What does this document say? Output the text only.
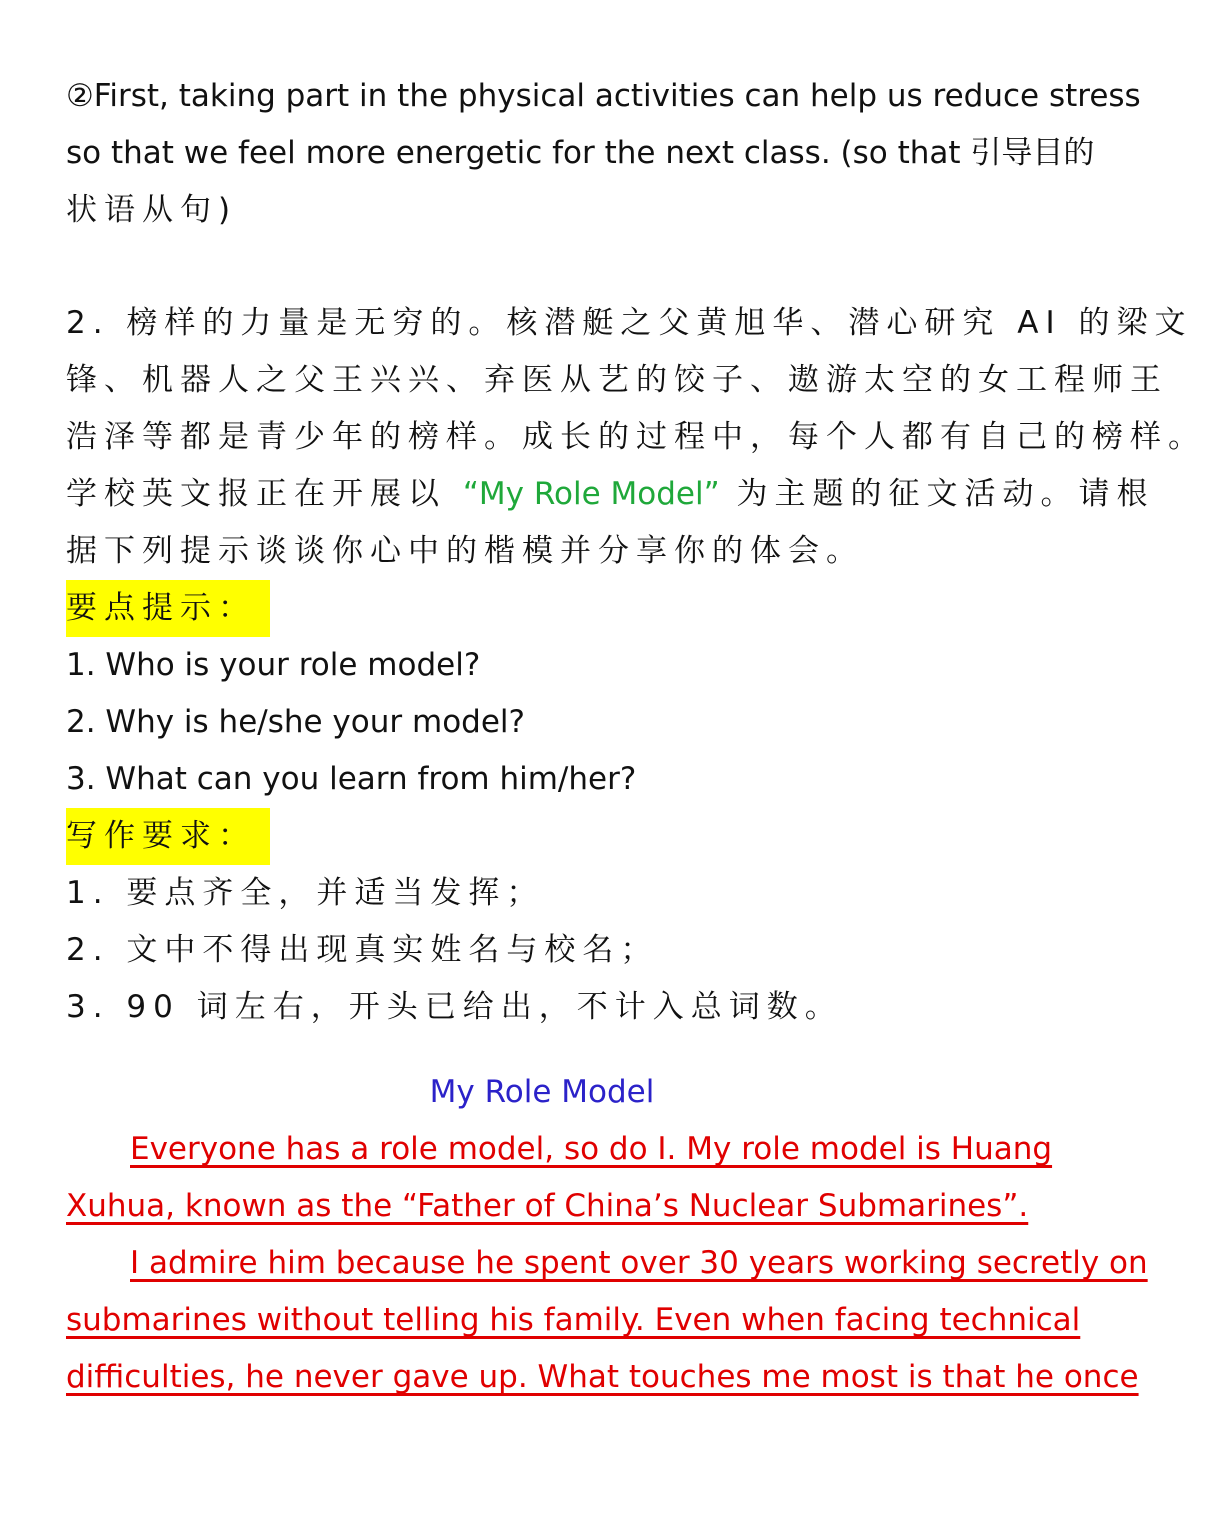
②First, taking part in the physical activities can help us reduce stress
so that we feel more energetic for the next class. (so that 引导目的
状语从句)
2. 榜样的力量是无穷的。核潜艇之父黄旭华、潜心研究 AI 的梁文
锋、机器人之父王兴兴、弃医从艺的饺子、遨游太空的女工程师王
浩泽等都是青少年的榜样。成长的过程中，每个人都有自己的榜样。
学校英文报正在开展以 “My Role Model” 为主题的征文活动。请根
据下列提示谈谈你心中的楷模并分享你的体会。
要点提示：
1. Who is your role model?
2. Why is he/she your model?
3. What can you learn from him/her?
写作要求：
1. 要点齐全，并适当发挥；
2. 文中不得出现真实姓名与校名；
3. 90 词左右，开头已给出，不计入总词数。
My Role Model
Everyone has a role model, so do I. My role model is Huang
Xuhua, known as the “Father of China’s Nuclear Submarines”.
I admire him because he spent over 30 years working secretly on
submarines without telling his family. Even when facing technical
difficulties, he never gave up. What touches me most is that he once
